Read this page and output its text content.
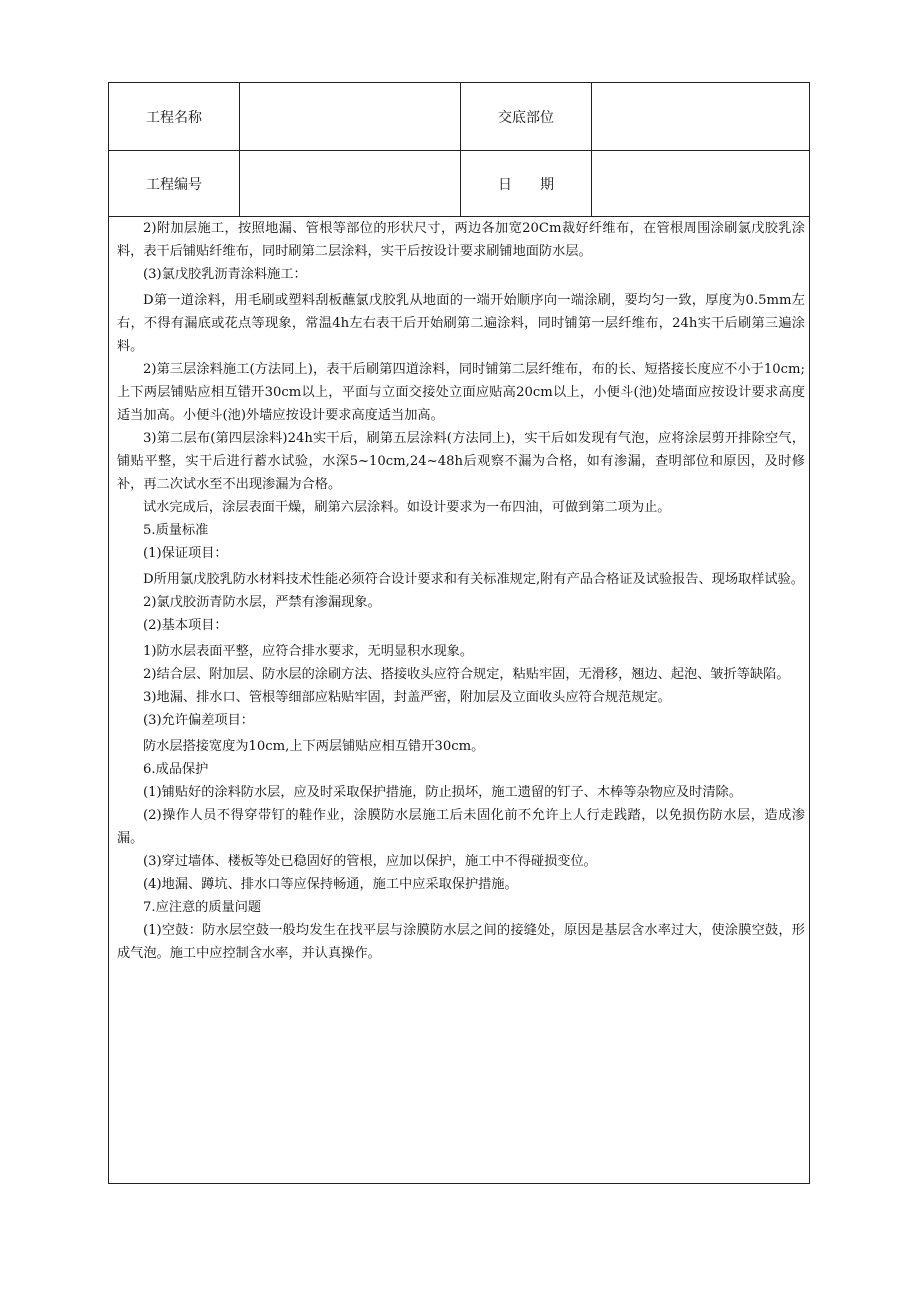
工程名称	交底部位
工程编号	日　　期

2)附加层施工，按照地漏、管根等部位的形状尺寸，两边各加宽20Cm裁好纤维布，在管根周围涂刷氯戊胶乳涂料，表干后铺贴纤维布，同时刷第二层涂料，实干后按设计要求刷铺地面防水层。

(3)氯戊胶乳沥青涂料施工：

D第一道涂料，用毛刷或塑料刮板蘸氯戊胶乳从地面的一端开始顺序向一端涂刷，要均匀一致，厚度为0.5mm左右，不得有漏底或花点等现象，常温4h左右表干后开始刷第二遍涂料，同时铺第一层纤维布，24h实干后刷第三遍涂料。

2)第三层涂料施工(方法同上)，表干后刷第四道涂料，同时铺第二层纤维布，布的长、短搭接长度应不小于10cm;上下两层铺贴应相互错开30cm以上，平面与立面交接处立面应贴高20cm以上，小便斗(池)处墙面应按设计要求高度适当加高。小便斗(池)外墙应按设计要求高度适当加高。

3)第二层布(第四层涂料)24h实干后，刷第五层涂料(方法同上)，实干后如发现有气泡，应将涂层剪开排除空气，铺贴平整，实干后进行蓄水试验，水深5~10cm,24~48h后观察不漏为合格，如有渗漏，查明部位和原因，及时修补，再二次试水至不出现渗漏为合格。

试水完成后，涂层表面干燥，刷第六层涂料。如设计要求为一布四油，可做到第二项为止。

5.质量标准

(1)保证项目：

D所用氯戊胶乳防水材料技术性能必须符合设计要求和有关标准规定,附有产品合格证及试验报告、现场取样试验。

2)氯戊胶沥青防水层，严禁有渗漏现象。

(2)基本项目：

1)防水层表面平整，应符合排水要求，无明显积水现象。

2)结合层、附加层、防水层的涂刷方法、搭接收头应符合规定，粘贴牢固，无滑移，翘边、起泡、皱折等缺陷。

3)地漏、排水口、管根等细部应粘贴牢固，封盖严密，附加层及立面收头应符合规范规定。

(3)允许偏差项目：

防水层搭接宽度为10cm,上下两层铺贴应相互错开30cm。

6.成品保护

(1)铺贴好的涂料防水层，应及时采取保护措施，防止损坏，施工遗留的钉子、木棒等杂物应及时清除。

(2)操作人员不得穿带钉的鞋作业，涂膜防水层施工后未固化前不允许上人行走践踏，以免损伤防水层，造成渗漏。

(3)穿过墙体、楼板等处已稳固好的管根，应加以保护，施工中不得碰损变位。

(4)地漏、蹲坑、排水口等应保持畅通，施工中应采取保护措施。

7.应注意的质量问题

(1)空鼓：防水层空鼓一般均发生在找平层与涂膜防水层之间的接缝处，原因是基层含水率过大，使涂膜空鼓，形成气泡。施工中应控制含水率，并认真操作。
